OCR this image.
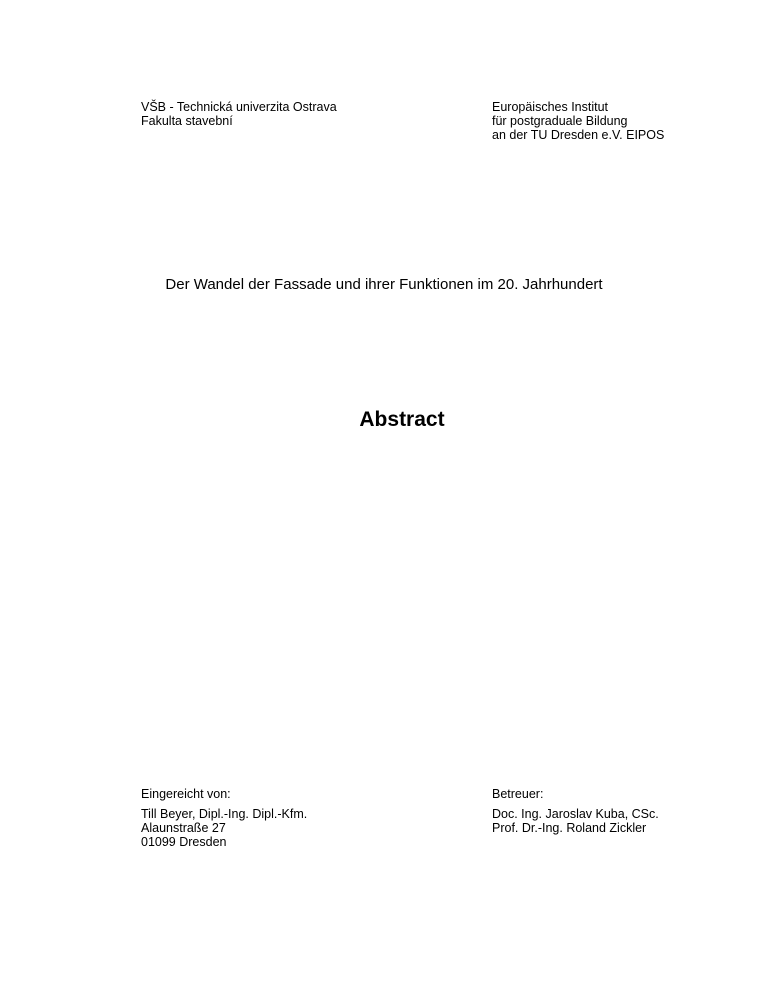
VŠB - Technická univerzita Ostrava
Fakulta stavební
Europäisches Institut
für postgraduale Bildung
an der TU Dresden e.V. EIPOS
Der Wandel der Fassade und ihrer Funktionen im 20. Jahrhundert
Abstract
Eingereicht von:
Till Beyer, Dipl.-Ing. Dipl.-Kfm.
Alaunstraße 27
01099 Dresden
Betreuer:
Doc. Ing. Jaroslav Kuba, CSc.
Prof. Dr.-Ing. Roland Zickler
